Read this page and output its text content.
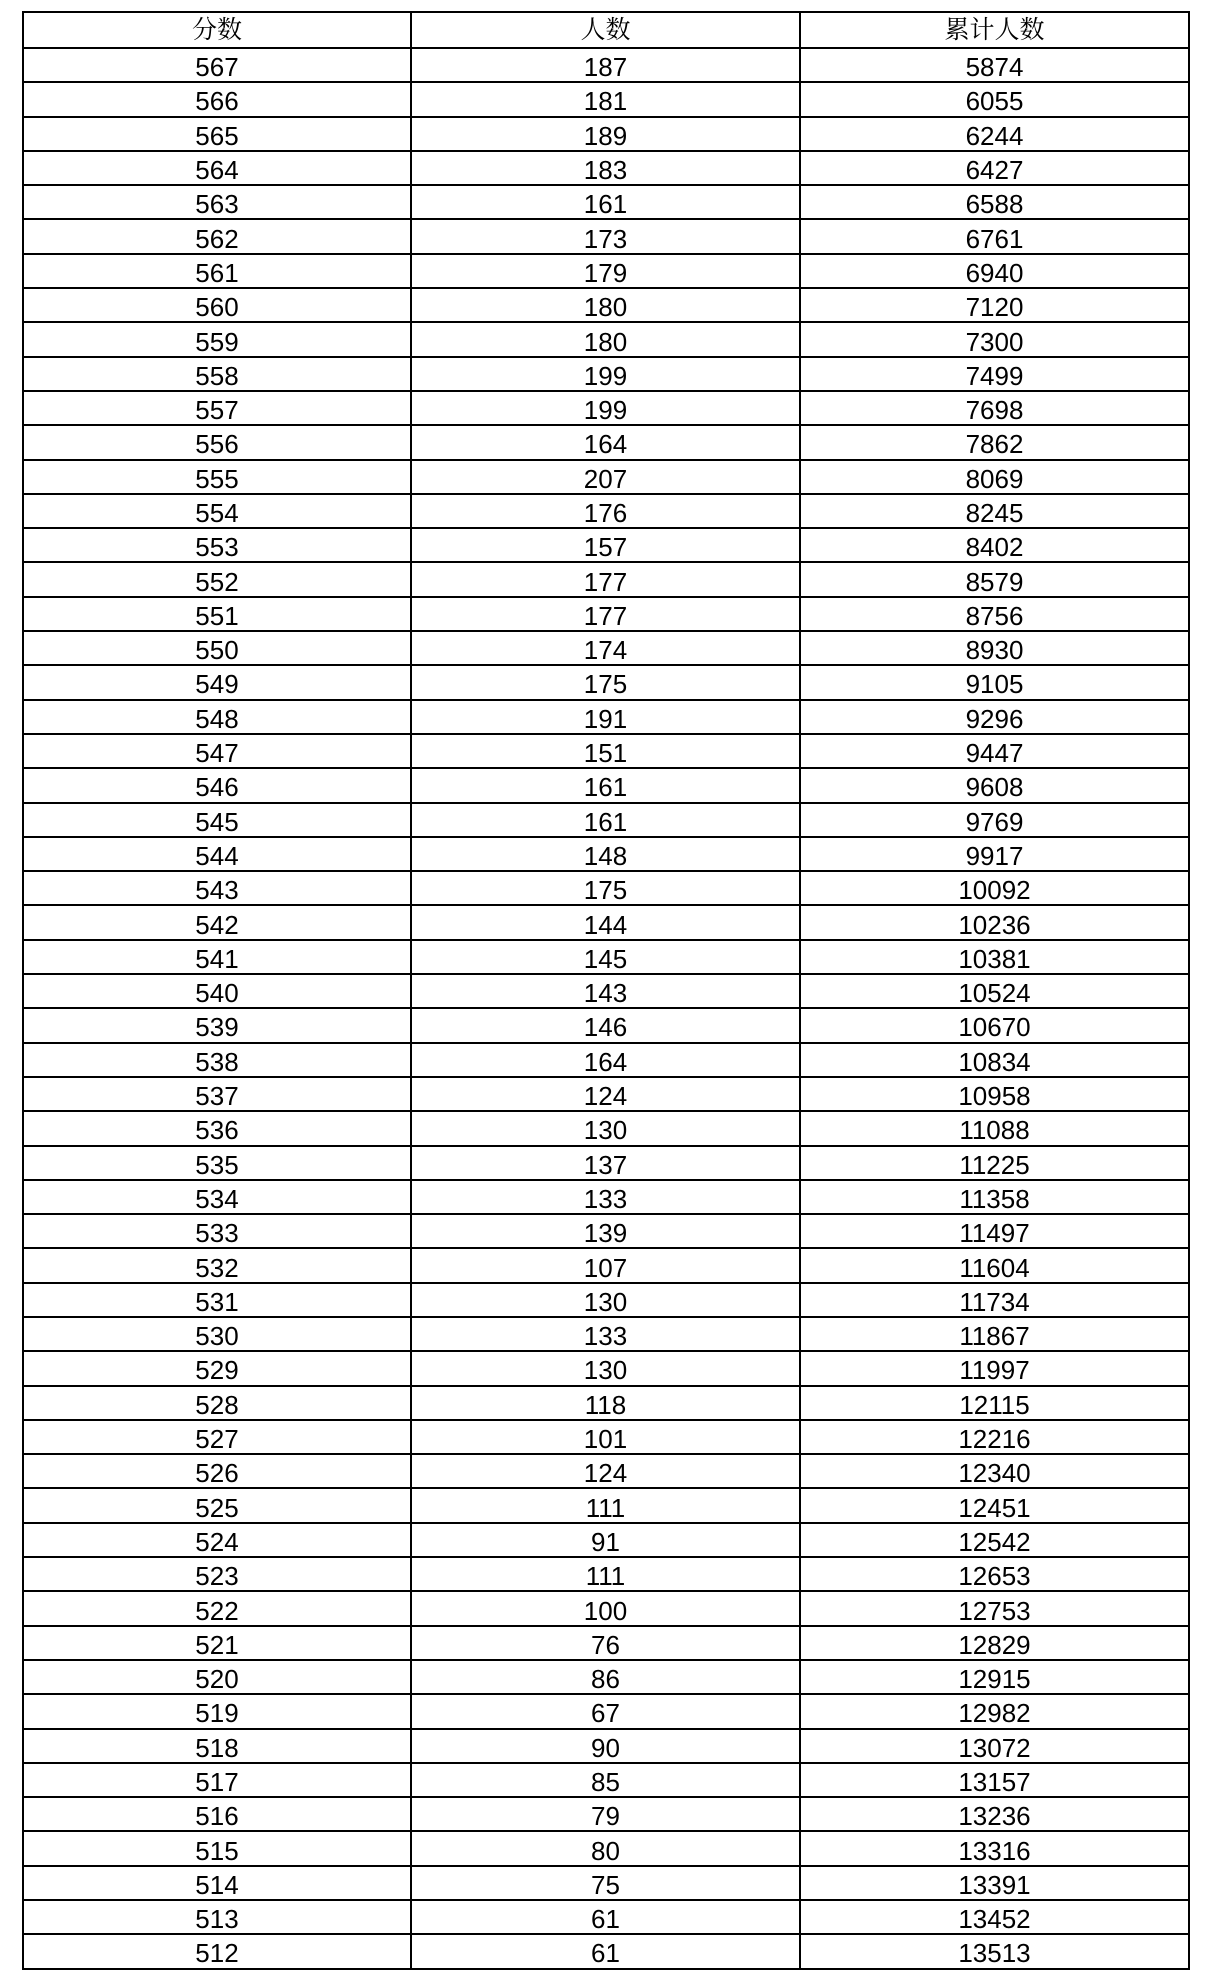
分数	人数	累计人数
567	187	5874
566	181	6055
565	189	6244
564	183	6427
563	161	6588
562	173	6761
561	179	6940
560	180	7120
559	180	7300
558	199	7499
557	199	7698
556	164	7862
555	207	8069
554	176	8245
553	157	8402
552	177	8579
551	177	8756
550	174	8930
549	175	9105
548	191	9296
547	151	9447
546	161	9608
545	161	9769
544	148	9917
543	175	10092
542	144	10236
541	145	10381
540	143	10524
539	146	10670
538	164	10834
537	124	10958
536	130	11088
535	137	11225
534	133	11358
533	139	11497
532	107	11604
531	130	11734
530	133	11867
529	130	11997
528	118	12115
527	101	12216
526	124	12340
525	111	12451
524	91	12542
523	111	12653
522	100	12753
521	76	12829
520	86	12915
519	67	12982
518	90	13072
517	85	13157
516	79	13236
515	80	13316
514	75	13391
513	61	13452
512	61	13513
